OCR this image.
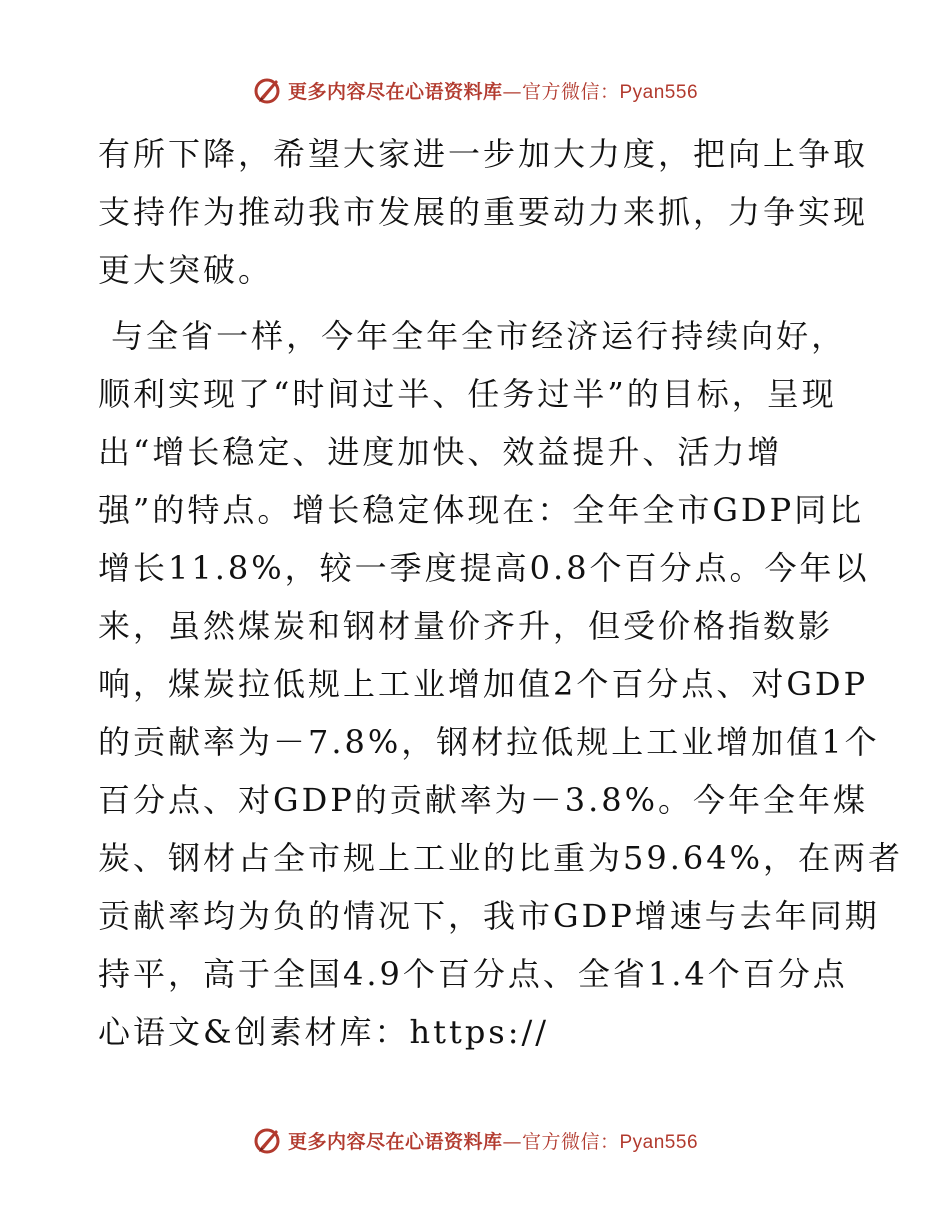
更多内容尽在心语资料库—官方微信：Pyan556

有所下降，希望大家进一步加大力度，把向上争取
支持作为推动我市发展的重要动力来抓，力争实现
更大突破。

与全省一样，今年全年全市经济运行持续向好，
顺利实现了“时间过半、任务过半”的目标，呈现
出“增长稳定、进度加快、效益提升、活力增
强”的特点。增长稳定体现在：全年全市GDP同比
增长11.8%，较一季度提高0.8个百分点。今年以
来，虽然煤炭和钢材量价齐升，但受价格指数影
响，煤炭拉低规上工业增加值2个百分点、对GDP
的贡献率为－7.8%，钢材拉低规上工业增加值1个
百分点、对GDP的贡献率为－3.8%。今年全年煤
炭、钢材占全市规上工业的比重为59.64%，在两者
贡献率均为负的情况下，我市GDP增速与去年同期
持平，高于全国4.9个百分点、全省1.4个百分点
心语文&创素材库：https://

更多内容尽在心语资料库—官方微信：Pyan556
